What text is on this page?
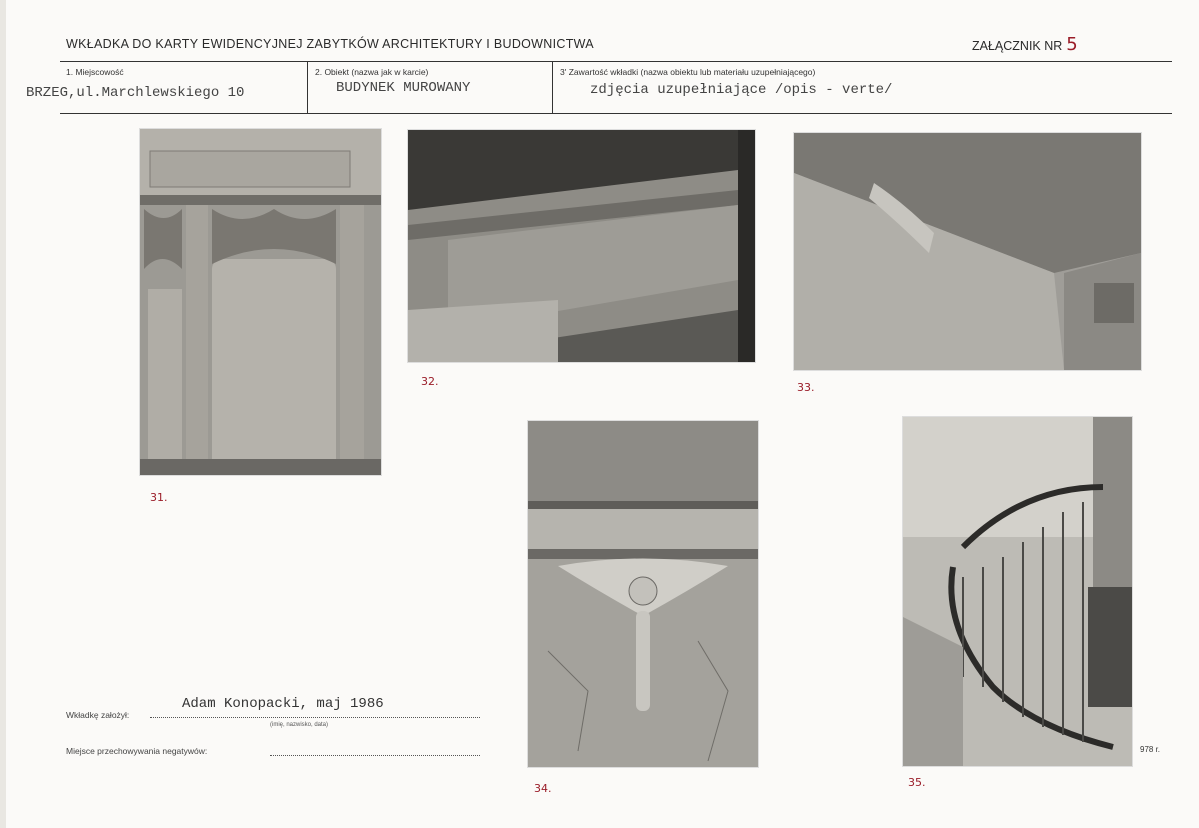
WKŁADKA DO KARTY EWIDENCYJNEJ ZABYTKÓW ARCHITEKTURY I BUDOWNICTWA	ZAŁĄCZNIK NR 5
1. Miejscowość
BRZEG,ul.Marchlewskiego 10
2. Obiekt (nazwa jak w karcie)
BUDYNEK MUROWANY
3' Zawartość wkładki (nazwa obiektu lub materiału uzupełniającego)
zdjęcia uzupełniające /opis - verte/
31.
32.	33.
34.	35.
Wkładkę założył:
Adam Konopacki, maj 1986
(imię, nazwisko, data)
Miejsce przechowywania negatywów:	978 r.
